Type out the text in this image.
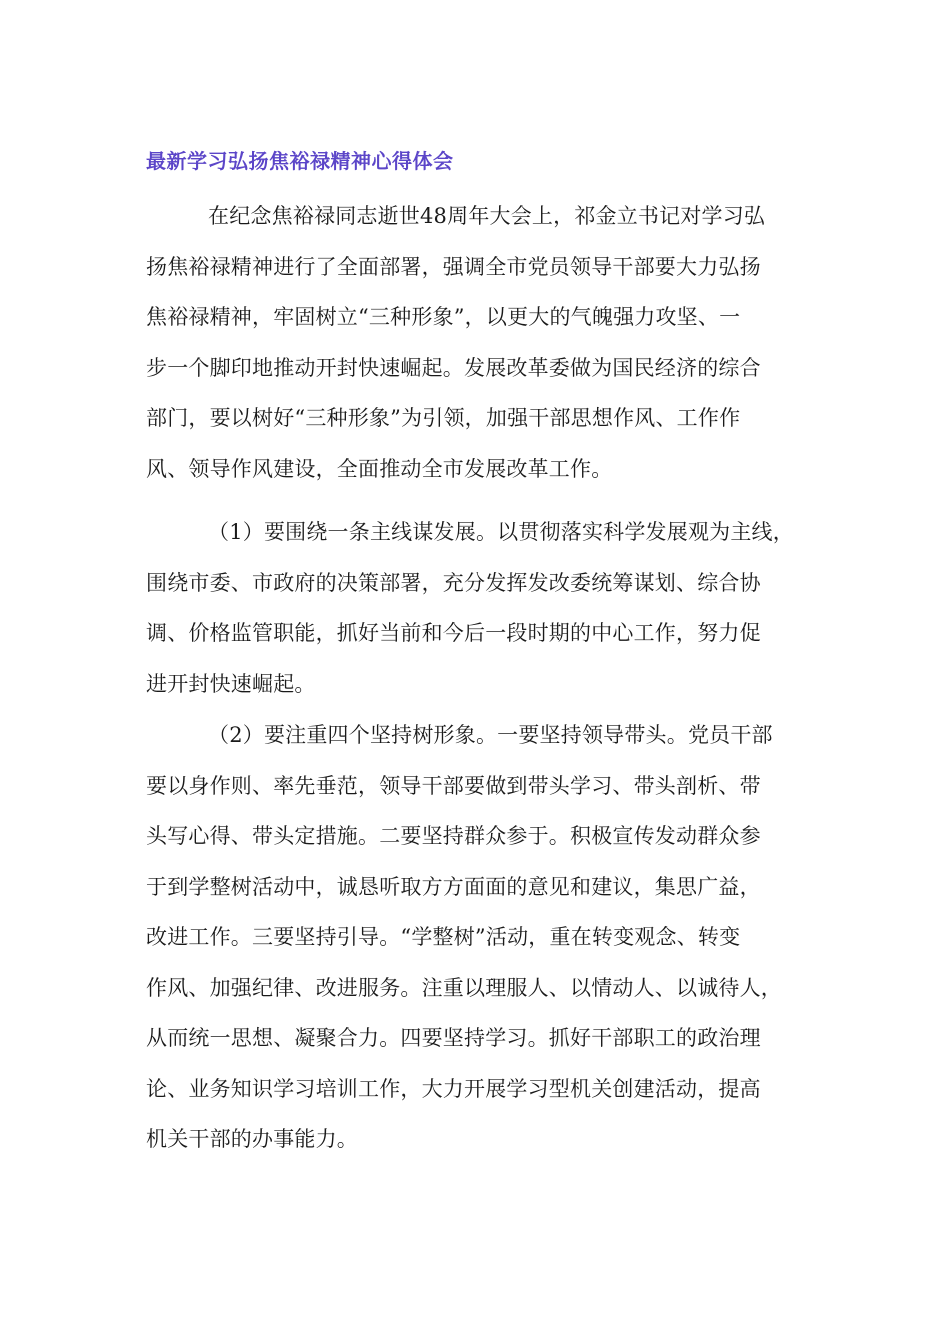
最新学习弘扬焦裕禄精神心得体会
在纪念焦裕禄同志逝世48周年大会上，祁金立书记对学习弘
扬焦裕禄精神进行了全面部署，强调全市党员领导干部要大力弘扬
焦裕禄精神，牢固树立“三种形象”，以更大的气魄强力攻坚、一
步一个脚印地推动开封快速崛起。发展改革委做为国民经济的综合
部门，要以树好“三种形象”为引领，加强干部思想作风、工作作
风、领导作风建设，全面推动全市发展改革工作。
（1）要围绕一条主线谋发展。以贯彻落实科学发展观为主线，
围绕市委、市政府的决策部署，充分发挥发改委统筹谋划、综合协
调、价格监管职能，抓好当前和今后一段时期的中心工作，努力促
进开封快速崛起。
（2）要注重四个坚持树形象。一要坚持领导带头。党员干部
要以身作则、率先垂范，领导干部要做到带头学习、带头剖析、带
头写心得、带头定措施。二要坚持群众参于。积极宣传发动群众参
于到学整树活动中，诚恳听取方方面面的意见和建议，集思广益，
改进工作。三要坚持引导。“学整树”活动，重在转变观念、转变
作风、加强纪律、改进服务。注重以理服人、以情动人、以诚待人，
从而统一思想、凝聚合力。四要坚持学习。抓好干部职工的政治理
论、业务知识学习培训工作，大力开展学习型机关创建活动，提高
机关干部的办事能力。
